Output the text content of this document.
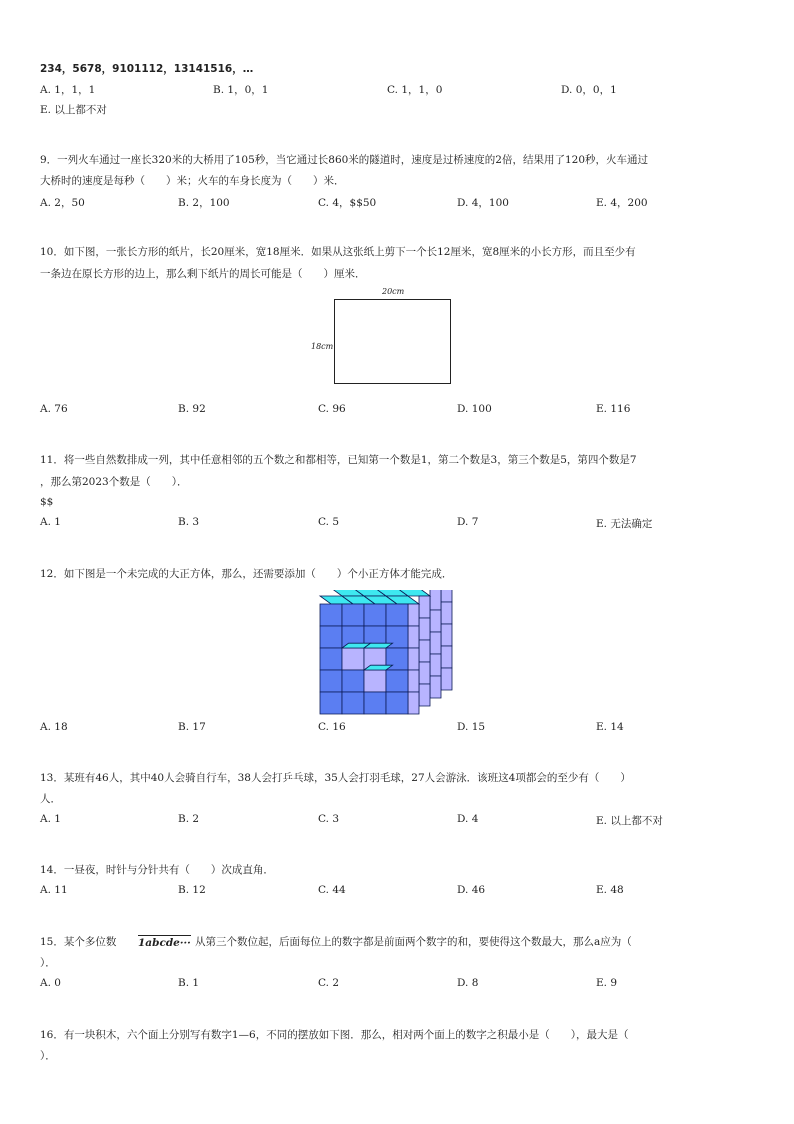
234，5678，9101112，13141516，…
A. 1，1，1	B. 1，0，1	C. 1，1，0	D. 0，0，1
E. 以上都不对
9．一列火车通过一座长320米的大桥用了105秒，当它通过长860米的隧道时，速度是过桥速度的2倍，结果用了120秒，火车通过
大桥时的速度是每秒（　　）米；火车的车身长度为（　　）米．
A. 2，50	B. 2，100	C. 4，$$50	D. 4，100	E. 4，200
10．如下图，一张长方形的纸片，长20厘米，宽18厘米．如果从这张纸上剪下一个长12厘米，宽8厘米的小长方形，而且至少有
一条边在原长方形的边上，那么剩下纸片的周长可能是（　　）厘米．
20cm
18cm
A. 76	B. 92	C. 96	D. 100	E. 116
11．将一些自然数排成一列，其中任意相邻的五个数之和都相等，已知第一个数是1，第二个数是3，第三个数是5，第四个数是7
，那么第2023个数是（　　）．
$$
A. 1	B. 3	C. 5	D. 7	E. 无法确定
12．如下图是一个未完成的大正方体，那么，还需要添加（　　）个小正方体才能完成．
A. 18	B. 17	C. 16	D. 15	E. 14
13．某班有46人，其中40人会骑自行车，38人会打乒乓球，35人会打羽毛球，27人会游泳．该班这4项都会的至少有（　　）
人．
A. 1	B. 2	C. 3	D. 4	E. 以上都不对
14．一昼夜，时针与分针共有（　　）次成直角．
A. 11	B. 12	C. 44	D. 46	E. 48
15．某个多位数 1abcde··· 从第三个数位起，后面每位上的数字都是前面两个数字的和，要使得这个数最大，那么a应为（
）．
A. 0	B. 1	C. 2	D. 8	E. 9
16．有一块积木，六个面上分别写有数字1—6，不同的摆放如下图．那么，相对两个面上的数字之积最小是（　　），最大是（
）．
